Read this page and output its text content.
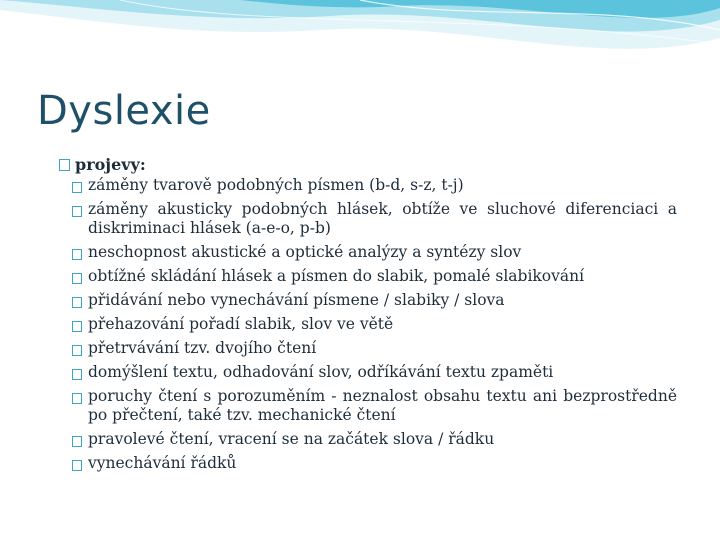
Dyslexie
projevy:
záměny tvarově podobných písmen (b-d, s-z, t-j)
záměny akusticky podobných hlásek, obtíže ve sluchové diferenciaci a diskriminaci hlásek (a-e-o, p-b)
neschopnost akustické a optické analýzy a syntézy slov
obtížné skládání hlásek a písmen do slabik, pomalé slabikování
přidávání nebo vynechávání písmene / slabiky / slova
přehazování pořadí slabik, slov ve větě
přetrvávání tzv. dvojího čtení
domýšlení textu, odhadování slov, odříkávání textu zpaměti
poruchy čtení s porozuměním - neznalost obsahu textu ani bezprostředně po přečtení, také tzv. mechanické čtení
pravolevé čtení, vracení se na začátek slova / řádku
vynechávání řádků
